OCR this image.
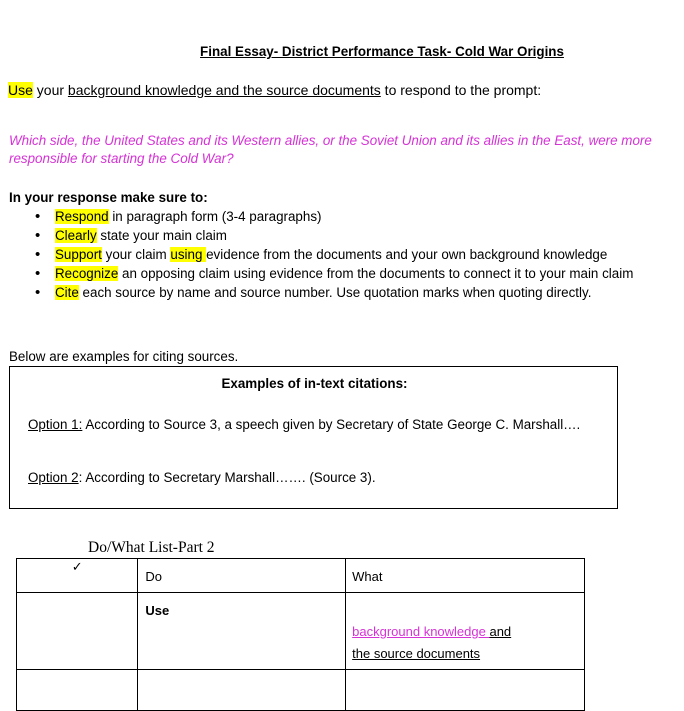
Final Essay- District Performance Task- Cold War Origins
Use your background knowledge and the source documents to respond to the prompt:
Which side, the United States and its Western allies, or the Soviet Union and its allies in the East, were more responsible for starting the Cold War?
In your response make sure to:
• Respond in paragraph form (3-4 paragraphs)
• Clearly state your main claim
• Support your claim using evidence from the documents and your own background knowledge
• Recognize an opposing claim using evidence from the documents to connect it to your main claim
• Cite each source by name and source number. Use quotation marks when quoting directly.
Below are examples for citing sources.
Examples of in-text citations:
Option 1: According to Source 3, a speech given by Secretary of State George C. Marshall….
Option 2: According to Secretary Marshall……. (Source 3).
Do/What List-Part 2
✓	Do	What

	Use	background knowledge and
the source documents
